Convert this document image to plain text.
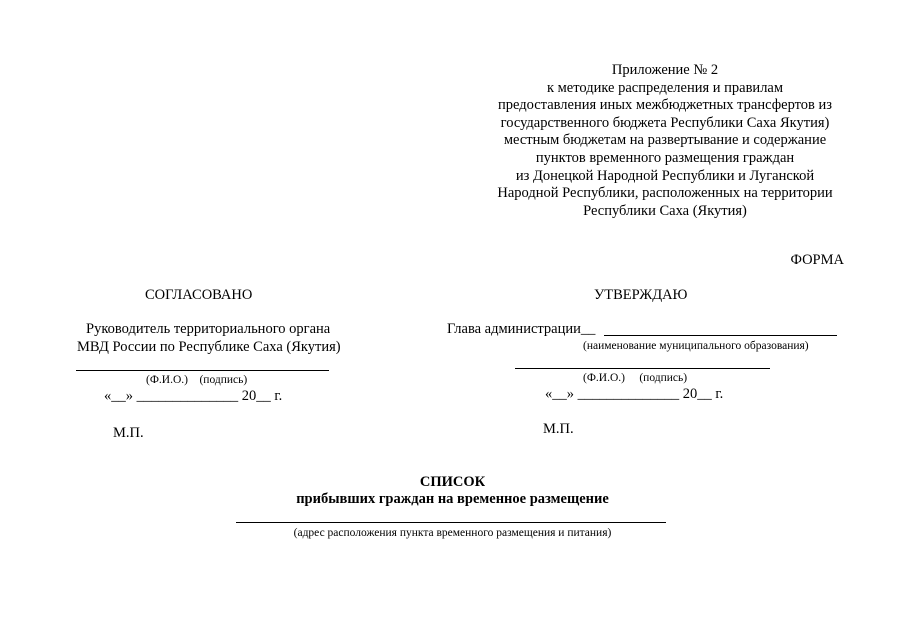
Приложение № 2
к методике распределения и правилам
предоставления иных межбюджетных трансфертов из
государственного бюджета Республики Саха Якутия)
местным бюджетам на развертывание и содержание
пунктов временного размещения граждан
из Донецкой Народной Республики и Луганской
Народной Республики, расположенных на территории
Республики Саха (Якутия)
ФОРМА
СОГЛАСОВАНО
Руководитель территориального органа
МВД России по Республике Саха (Якутия)
(Ф.И.О.)    (подпись)
«__» ______________ 20__ г.
М.П.
УТВЕРЖДАЮ
Глава администрации__
(наименование муниципального образования)
(Ф.И.О.)     (подпись)
«__» ______________ 20__ г.
М.П.
СПИСОК
прибывших граждан на временное размещение
(адрес расположения пункта временного размещения и питания)
